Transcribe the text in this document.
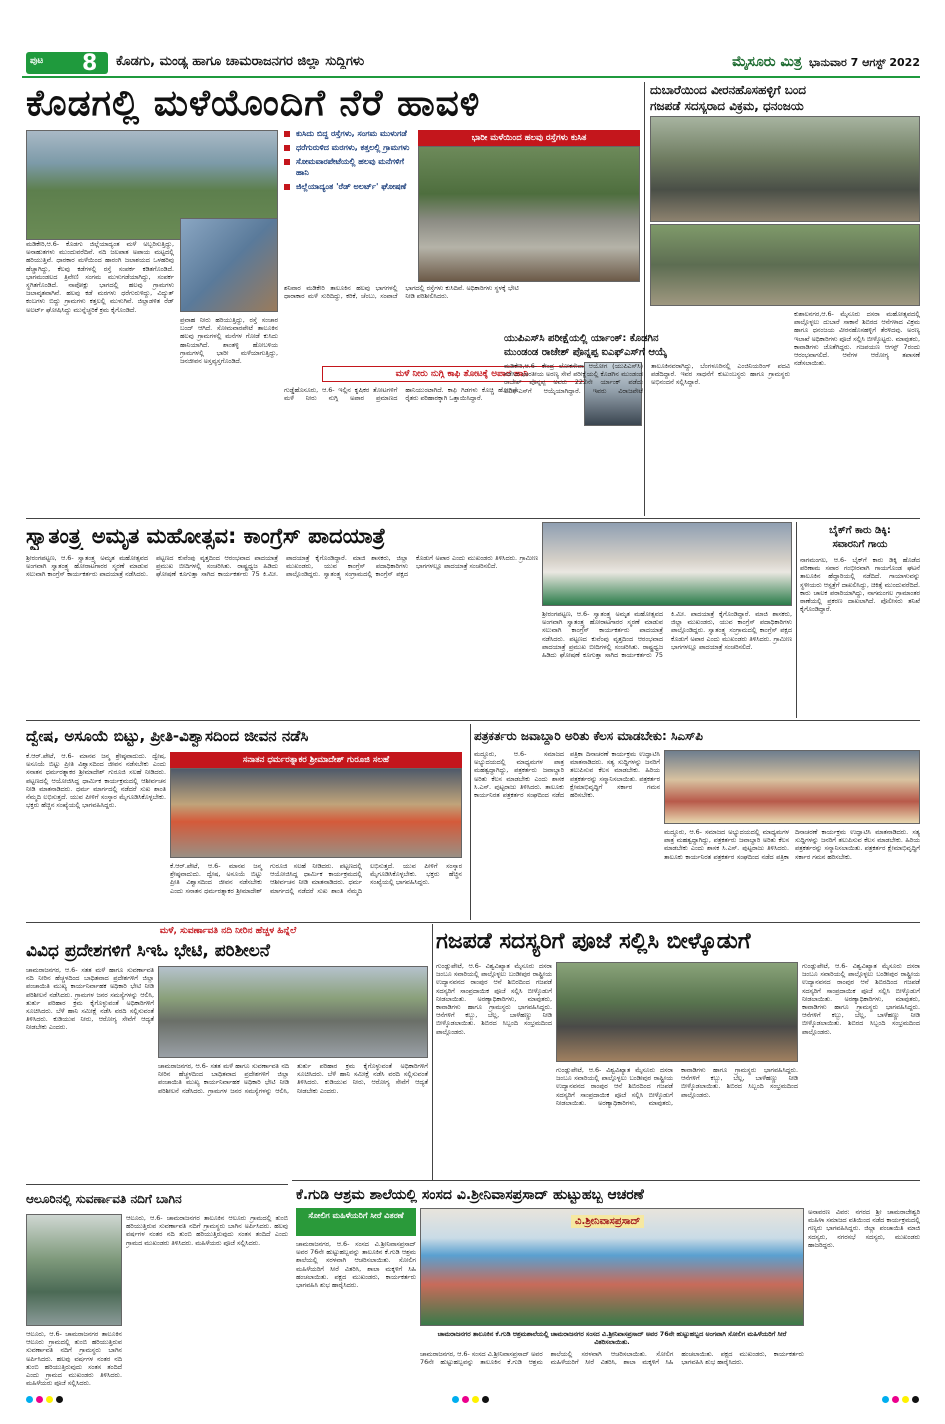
ಪುಟ 8 ಕೊಡಗು, ಮಂಡ್ಯ ಹಾಗೂ ಚಾಮರಾಜನಗರ ಜಿಲ್ಲಾ ಸುದ್ದಿಗಳು	ಮೈಸೂರು ಮಿತ್ರ ಭಾನುವಾರ 7 ಆಗಸ್ಟ್ 2022
ಕೊಡಗಲ್ಲಿ ಮಳೆಯೊಂದಿಗೆ ನೆರೆ ಹಾವಳಿ
ಕುಸಿದು ಬಿದ್ದ ರಸ್ತೆಗಳು, ಸಂಗಮ ಮುಳುಗಡೆ
ಧರೆಗುರುಳಿದ ಮರಗಳು, ಕತ್ತಲಲ್ಲಿ ಗ್ರಾಮಗಳು
ಸೋಮವಾರಪೇಟೆಯಲ್ಲಿ ಹಲವು ಮನೆಗಳಿಗೆ ಹಾನಿ
ಜಿಲ್ಲೆಯಾದ್ಯಂತ 'ರೆಡ್ ಅಲರ್ಟ್' ಘೋಷಣೆ
ಭಾರೀ ಮಳೆಯಿಂದ ಹಲವು ರಸ್ತೆಗಳು ಕುಸಿತ
ಮಡಿಕೇರಿ,ಆ.6- ಕೊಡಗು ಜಿಲ್ಲೆಯಾದ್ಯಂತ ಮಳೆ ಅಬ್ಬರಿಸುತ್ತಿದ್ದು, ಅನಾಹುತಗಳು ಮುಂದುವರೆದಿವೆ. ನದಿ ಜಲಪಾತ ಅಪಾಯ ಮಟ್ಟದಲ್ಲಿ ಹರಿಯುತ್ತಿವೆ. ಧಾರಕಾರ ಮಳೆಯಿಂದ ಹಾರಂಗಿ ಜಲಾಶಯದ ಒಳಹರಿವು ಹೆಚ್ಚಾಗಿದ್ದು, ಕೆಲವು ಕಡೆಗಳಲ್ಲಿ ರಸ್ತೆ ಸಂಪರ್ಕ ಕಡಿತಗೊಂಡಿದೆ. ಭಾಗಮಂಡಲದ ತ್ರಿವೇಣಿ ಸಂಗಮ ಮುಳುಗಡೆಯಾಗಿದ್ದು, ಸಂಪರ್ಕ ಸ್ಥಗಿತಗೊಂಡಿದೆ. ನಾಪೋಕ್ಲು ಭಾಗದಲ್ಲಿ ಹಲವು ಗ್ರಾಮಗಳು ಜಲಾವೃತವಾಗಿವೆ. ಹಲವು ಕಡೆ ಮರಗಳು ಧರೆಗುರುಳಿದ್ದು, ವಿದ್ಯುತ್ ಕಂಬಗಳು ಬಿದ್ದು ಗ್ರಾಮಗಳು ಕತ್ತಲಲ್ಲಿ ಮುಳುಗಿವೆ. ಜಿಲ್ಲಾಡಳಿತ ರೆಡ್ ಅಲರ್ಟ್ ಘೋಷಿಸಿದ್ದು ಮುನ್ನೆಚ್ಚರಿಕೆ ಕ್ರಮ ಕೈಗೊಂಡಿದೆ.
ಪ್ರವಾಹ ನೀರು ಹರಿಯುತ್ತಿದ್ದು, ರಸ್ತೆ ಸಂಚಾರ ಬಂದ್ ಆಗಿದೆ. ಸೋಮವಾರಪೇಟೆ ತಾಲೂಕಿನ ಹಲವು ಗ್ರಾಮಗಳಲ್ಲಿ ಮನೆಗಳ ಗೋಡೆ ಕುಸಿದು ಹಾನಿಯಾಗಿದೆ. ಶಾಂತಳ್ಳಿ ಹೋಬಳಿಯ ಗ್ರಾಮಗಳಲ್ಲಿ ಭಾರೀ ಮಳೆಯಾಗುತ್ತಿದ್ದು, ಜನಜೀವನ ಅಸ್ತವ್ಯಸ್ತಗೊಂಡಿದೆ.
ಶನಿವಾರ ಮಡಿಕೇರಿ ತಾಲೂಕಿನ ಹಲವು ಭಾಗಗಳಲ್ಲಿ ಧಾರಾಕಾರ ಮಳೆ ಸುರಿದಿದ್ದು, ಕರಿಕೆ, ಚೆಂಬು, ಸಂಪಾಜೆ ಭಾಗದಲ್ಲಿ ರಸ್ತೆಗಳು ಕುಸಿದಿವೆ. ಅಧಿಕಾರಿಗಳು ಸ್ಥಳಕ್ಕೆ ಭೇಟಿ ನೀಡಿ ಪರಿಶೀಲಿಸಿದರು.
ಮಳೆ ನೀರು ನುಗ್ಗಿ ಕಾಫಿ ತೋಟಕ್ಕೆ ಅಪಾರ ಹಾನಿ
ಗುಡ್ಡೆಹೊಸೂರು, ಆ.6- ಇಲ್ಲಿನ ಕೃಷಿಕರ ತೋಟಗಳಿಗೆ ಮಳೆ ನೀರು ನುಗ್ಗಿ ಅಪಾರ ಪ್ರಮಾಣದ ಹಾನಿಯುಂಟಾಗಿದೆ. ಕಾಫಿ ಗಿಡಗಳು ಕೊಚ್ಚಿ ಹೋಗಿವೆ. ರೈತರು ಪರಿಹಾರಕ್ಕಾಗಿ ಒತ್ತಾಯಿಸಿದ್ದಾರೆ.
ದುಬಾರೆಯಿಂದ ವೀರನಹೊಸಹಳ್ಳಿಗೆ ಬಂದ
ಗಜಪಡೆ ಸದಸ್ಯರಾದ ವಿಕ್ರಮ, ಧನಂಜಯ
ಕುಶಾಲನಗರ,ಆ.6- ಮೈಸೂರು ದಸರಾ ಮಹೋತ್ಸವದಲ್ಲಿ ಪಾಲ್ಗೊಳ್ಳಲು ದುಬಾರೆ ಸಾಕಾನೆ ಶಿಬಿರದ ಆನೆಗಳಾದ ವಿಕ್ರಮ ಹಾಗೂ ಧನಂಜಯ ವೀರನಹೊಸಹಳ್ಳಿಗೆ ತೆರಳಿದವು. ಅರಣ್ಯ ಇಲಾಖೆ ಅಧಿಕಾರಿಗಳು ಪೂಜೆ ಸಲ್ಲಿಸಿ ಬೀಳ್ಕೊಟ್ಟರು. ಮಾವುತರು, ಕಾವಾಡಿಗಳು ಜೊತೆಗಿದ್ದರು. ಗಜಪಯಣ ಆಗಸ್ಟ್ 7ರಂದು ಆರಂಭವಾಗಲಿದೆ. ಆನೆಗಳ ಆರೋಗ್ಯ ತಪಾಸಣೆ ನಡೆಸಲಾಯಿತು.
ಯುಪಿಎಸ್‌ಸಿ ಪರೀಕ್ಷೆಯಲ್ಲಿ ರ್ಯಾಂಕ್: ಕೊಡಗಿನ
ಮುಂಡಂಡ ರಾಜೇಶ್ ಪೊನ್ನಪ್ಪ ಐಎಫ್‌ಎಸ್‌ಗೆ ಆಯ್ಕೆ
ಮಡಿಕೇರಿ,ಆ.6- ಕೇಂದ್ರ ಲೋಕಸೇವಾ ಆಯೋಗ (ಯುಪಿಎಸ್‌ಸಿ) ನಡೆಸಿದ ಭಾರತೀಯ ಅರಣ್ಯ ಸೇವೆ ಪರೀಕ್ಷೆಯಲ್ಲಿ ಕೊಡಗಿನ ಮುಂಡಂಡ ರಾಜೇಶ್ ಪೊನ್ನಪ್ಪ ಅವರು 222ನೇ ರ್ಯಾಂಕ್ ಪಡೆದು ಐಎಫ್‌ಎಸ್‌ಗೆ ಆಯ್ಕೆಯಾಗಿದ್ದಾರೆ. ಇವರು ವಿರಾಜಪೇಟೆ ತಾಲೂಕಿನವರಾಗಿದ್ದು, ಬೆಂಗಳೂರಿನಲ್ಲಿ ಎಂಜಿನಿಯರಿಂಗ್ ಪದವಿ ಪಡೆದಿದ್ದಾರೆ. ಇವರ ಸಾಧನೆಗೆ ಕುಟುಂಬಸ್ಥರು ಹಾಗೂ ಗ್ರಾಮಸ್ಥರು ಅಭಿನಂದನೆ ಸಲ್ಲಿಸಿದ್ದಾರೆ.
ಸ್ವಾತಂತ್ರ್ಯ ಅಮೃತ ಮಹೋತ್ಸವ: ಕಾಂಗ್ರೆಸ್ ಪಾದಯಾತ್ರೆ
ಶ್ರೀರಂಗಪಟ್ಟಣ, ಆ.6- ಸ್ವಾತಂತ್ರ್ಯ ಅಮೃತ ಮಹೋತ್ಸವದ ಅಂಗವಾಗಿ ಸ್ವಾತಂತ್ರ್ಯ ಹೋರಾಟಗಾರರ ಸ್ಮರಣೆ ಮಾಡುವ ಸಲುವಾಗಿ ಕಾಂಗ್ರೆಸ್ ಕಾರ್ಯಕರ್ತರು ಪಾದಯಾತ್ರೆ ನಡೆಸಿದರು. ಪಟ್ಟಣದ ಕುವೆಂಪು ವೃತ್ತದಿಂದ ಆರಂಭವಾದ ಪಾದಯಾತ್ರೆ ಪ್ರಮುಖ ಬೀದಿಗಳಲ್ಲಿ ಸಂಚರಿಸಿತು. ರಾಷ್ಟ್ರಧ್ವಜ ಹಿಡಿದು ಘೋಷಣೆ ಕೂಗುತ್ತಾ ಸಾಗಿದ ಕಾರ್ಯಕರ್ತರು 75 ಕಿ.ಮೀ. ಪಾದಯಾತ್ರೆ ಕೈಗೊಂಡಿದ್ದಾರೆ. ಮಾಜಿ ಶಾಸಕರು, ಜಿಲ್ಲಾ ಮುಖಂಡರು, ಯುವ ಕಾಂಗ್ರೆಸ್ ಪದಾಧಿಕಾರಿಗಳು ಪಾಲ್ಗೊಂಡಿದ್ದರು. ಸ್ವಾತಂತ್ರ್ಯ ಸಂಗ್ರಾಮದಲ್ಲಿ ಕಾಂಗ್ರೆಸ್ ಪಕ್ಷದ ಕೊಡುಗೆ ಅಪಾರ ಎಂದು ಮುಖಂಡರು ತಿಳಿಸಿದರು. ಗ್ರಾಮೀಣ ಭಾಗಗಳಲ್ಲೂ ಪಾದಯಾತ್ರೆ ಸಂಚರಿಸಲಿದೆ.
ಶ್ರೀರಂಗಪಟ್ಟಣ, ಆ.6- ಸ್ವಾತಂತ್ರ್ಯ ಅಮೃತ ಮಹೋತ್ಸವದ ಅಂಗವಾಗಿ ಸ್ವಾತಂತ್ರ್ಯ ಹೋರಾಟಗಾರರ ಸ್ಮರಣೆ ಮಾಡುವ ಸಲುವಾಗಿ ಕಾಂಗ್ರೆಸ್ ಕಾರ್ಯಕರ್ತರು ಪಾದಯಾತ್ರೆ ನಡೆಸಿದರು. ಪಟ್ಟಣದ ಕುವೆಂಪು ವೃತ್ತದಿಂದ ಆರಂಭವಾದ ಪಾದಯಾತ್ರೆ ಪ್ರಮುಖ ಬೀದಿಗಳಲ್ಲಿ ಸಂಚರಿಸಿತು. ರಾಷ್ಟ್ರಧ್ವಜ ಹಿಡಿದು ಘೋಷಣೆ ಕೂಗುತ್ತಾ ಸಾಗಿದ ಕಾರ್ಯಕರ್ತರು 75 ಕಿ.ಮೀ. ಪಾದಯಾತ್ರೆ ಕೈಗೊಂಡಿದ್ದಾರೆ. ಮಾಜಿ ಶಾಸಕರು, ಜಿಲ್ಲಾ ಮುಖಂಡರು, ಯುವ ಕಾಂಗ್ರೆಸ್ ಪದಾಧಿಕಾರಿಗಳು ಪಾಲ್ಗೊಂಡಿದ್ದರು. ಸ್ವಾತಂತ್ರ್ಯ ಸಂಗ್ರಾಮದಲ್ಲಿ ಕಾಂಗ್ರೆಸ್ ಪಕ್ಷದ ಕೊಡುಗೆ ಅಪಾರ ಎಂದು ಮುಖಂಡರು ತಿಳಿಸಿದರು. ಗ್ರಾಮೀಣ ಭಾಗಗಳಲ್ಲೂ ಪಾದಯಾತ್ರೆ ಸಂಚರಿಸಲಿದೆ.
ಬೈಕ್‌ಗೆ ಕಾರು ಡಿಕ್ಕಿ:
ಸವಾರನಿಗೆ ಗಾಯ
ನಾಗಮಂಗಲ, ಆ.6- ಬೈಕ್‌ಗೆ ಕಾರು ಡಿಕ್ಕಿ ಹೊಡೆದ ಪರಿಣಾಮ ಸವಾರ ಗಂಭೀರವಾಗಿ ಗಾಯಗೊಂಡ ಘಟನೆ ತಾಲೂಕಿನ ಹೆದ್ದಾರಿಯಲ್ಲಿ ನಡೆದಿದೆ. ಗಾಯಾಳುವನ್ನು ಸ್ಥಳೀಯರು ಆಸ್ಪತ್ರೆಗೆ ದಾಖಲಿಸಿದ್ದು, ಚಿಕಿತ್ಸೆ ಮುಂದುವರೆದಿದೆ. ಕಾರು ಚಾಲಕ ಪರಾರಿಯಾಗಿದ್ದು, ನಾಗಮಂಗಲ ಗ್ರಾಮಾಂತರ ಠಾಣೆಯಲ್ಲಿ ಪ್ರಕರಣ ದಾಖಲಾಗಿದೆ. ಪೊಲೀಸರು ತನಿಖೆ ಕೈಗೊಂಡಿದ್ದಾರೆ.
ದ್ವೇಷ, ಅಸೂಯೆ ಬಿಟ್ಟು, ಪ್ರೀತಿ-ವಿಶ್ವಾಸದಿಂದ ಜೀವನ ನಡೆಸಿ
ಕೆ.ಆರ್.ಪೇಟೆ, ಆ.6- ಮಾನವ ಜನ್ಮ ಶ್ರೇಷ್ಠವಾದುದು. ದ್ವೇಷ, ಅಸೂಯೆ ಬಿಟ್ಟು ಪ್ರೀತಿ ವಿಶ್ವಾಸದಿಂದ ಜೀವನ ನಡೆಸಬೇಕು ಎಂದು ಸನಾತನ ಧರ್ಮರತ್ನಾಕರ ಶ್ರೀಮಾದೇಶ್ ಗುರೂಜಿ ಸಲಹೆ ನೀಡಿದರು. ಪಟ್ಟಣದಲ್ಲಿ ಆಯೋಜಿಸಿದ್ದ ಧಾರ್ಮಿಕ ಕಾರ್ಯಕ್ರಮದಲ್ಲಿ ಆಶೀರ್ವಚನ ನೀಡಿ ಮಾತನಾಡಿದರು. ಧರ್ಮ ಮಾರ್ಗದಲ್ಲಿ ನಡೆದರೆ ಸುಖ ಶಾಂತಿ ನೆಮ್ಮದಿ ಲಭಿಸುತ್ತದೆ. ಯುವ ಪೀಳಿಗೆ ಸಂಸ್ಕಾರ ಮೈಗೂಡಿಸಿಕೊಳ್ಳಬೇಕು. ಭಕ್ತರು ಹೆಚ್ಚಿನ ಸಂಖ್ಯೆಯಲ್ಲಿ ಭಾಗವಹಿಸಿದ್ದರು.
ಸನಾತನ ಧರ್ಮರತ್ನಾಕರ ಶ್ರೀಮಾದೇಶ್ ಗುರೂಜಿ ಸಲಹೆ
ಕೆ.ಆರ್.ಪೇಟೆ, ಆ.6- ಮಾನವ ಜನ್ಮ ಶ್ರೇಷ್ಠವಾದುದು. ದ್ವೇಷ, ಅಸೂಯೆ ಬಿಟ್ಟು ಪ್ರೀತಿ ವಿಶ್ವಾಸದಿಂದ ಜೀವನ ನಡೆಸಬೇಕು ಎಂದು ಸನಾತನ ಧರ್ಮರತ್ನಾಕರ ಶ್ರೀಮಾದೇಶ್ ಗುರೂಜಿ ಸಲಹೆ ನೀಡಿದರು. ಪಟ್ಟಣದಲ್ಲಿ ಆಯೋಜಿಸಿದ್ದ ಧಾರ್ಮಿಕ ಕಾರ್ಯಕ್ರಮದಲ್ಲಿ ಆಶೀರ್ವಚನ ನೀಡಿ ಮಾತನಾಡಿದರು. ಧರ್ಮ ಮಾರ್ಗದಲ್ಲಿ ನಡೆದರೆ ಸುಖ ಶಾಂತಿ ನೆಮ್ಮದಿ ಲಭಿಸುತ್ತದೆ. ಯುವ ಪೀಳಿಗೆ ಸಂಸ್ಕಾರ ಮೈಗೂಡಿಸಿಕೊಳ್ಳಬೇಕು. ಭಕ್ತರು ಹೆಚ್ಚಿನ ಸಂಖ್ಯೆಯಲ್ಲಿ ಭಾಗವಹಿಸಿದ್ದರು.
ಪತ್ರಕರ್ತರು ಜವಾಬ್ದಾರಿ ಅರಿತು ಕೆಲಸ ಮಾಡಬೇಕು: ಸಿಎಸ್‌ಪಿ
ಮದ್ದೂರು, ಆ.6- ಸಮಾಜದ ಅಭ್ಯುದಯದಲ್ಲಿ ಮಾಧ್ಯಮಗಳ ಪಾತ್ರ ಮಹತ್ವದ್ದಾಗಿದ್ದು, ಪತ್ರಕರ್ತರು ಜವಾಬ್ದಾರಿ ಅರಿತು ಕೆಲಸ ಮಾಡಬೇಕು ಎಂದು ಶಾಸಕ ಸಿ.ಎಸ್. ಪುಟ್ಟರಾಜು ತಿಳಿಸಿದರು. ತಾಲೂಕು ಕಾರ್ಯನಿರತ ಪತ್ರಕರ್ತರ ಸಂಘದಿಂದ ನಡೆದ ಪತ್ರಿಕಾ ದಿನಾಚರಣೆ ಕಾರ್ಯಕ್ರಮ ಉದ್ಘಾಟಿಸಿ ಮಾತನಾಡಿದರು. ಸತ್ಯ ಸುದ್ದಿಗಳನ್ನು ಜನರಿಗೆ ತಲುಪಿಸುವ ಕೆಲಸ ಮಾಡಬೇಕು. ಹಿರಿಯ ಪತ್ರಕರ್ತರನ್ನು ಸನ್ಮಾನಿಸಲಾಯಿತು. ಪತ್ರಕರ್ತರ ಕ್ಷೇಮಾಭಿವೃದ್ಧಿಗೆ ಸರ್ಕಾರ ಗಮನ ಹರಿಸಬೇಕು.
ಮದ್ದೂರು, ಆ.6- ಸಮಾಜದ ಅಭ್ಯುದಯದಲ್ಲಿ ಮಾಧ್ಯಮಗಳ ಪಾತ್ರ ಮಹತ್ವದ್ದಾಗಿದ್ದು, ಪತ್ರಕರ್ತರು ಜವಾಬ್ದಾರಿ ಅರಿತು ಕೆಲಸ ಮಾಡಬೇಕು ಎಂದು ಶಾಸಕ ಸಿ.ಎಸ್. ಪುಟ್ಟರಾಜು ತಿಳಿಸಿದರು. ತಾಲೂಕು ಕಾರ್ಯನಿರತ ಪತ್ರಕರ್ತರ ಸಂಘದಿಂದ ನಡೆದ ಪತ್ರಿಕಾ ದಿನಾಚರಣೆ ಕಾರ್ಯಕ್ರಮ ಉದ್ಘಾಟಿಸಿ ಮಾತನಾಡಿದರು. ಸತ್ಯ ಸುದ್ದಿಗಳನ್ನು ಜನರಿಗೆ ತಲುಪಿಸುವ ಕೆಲಸ ಮಾಡಬೇಕು. ಹಿರಿಯ ಪತ್ರಕರ್ತರನ್ನು ಸನ್ಮಾನಿಸಲಾಯಿತು. ಪತ್ರಕರ್ತರ ಕ್ಷೇಮಾಭಿವೃದ್ಧಿಗೆ ಸರ್ಕಾರ ಗಮನ ಹರಿಸಬೇಕು.
ಮಳೆ, ಸುವರ್ಣಾವತಿ ನದಿ ನೀರಿನ ಹೆಚ್ಚಳ ಹಿನ್ನೆಲೆ
ವಿವಿಧ ಪ್ರದೇಶಗಳಿಗೆ ಸಿಇಓ ಭೇಟಿ, ಪರಿಶೀಲನೆ
ಚಾಮರಾಜನಗರ, ಆ.6- ಸತತ ಮಳೆ ಹಾಗೂ ಸುವರ್ಣಾವತಿ ನದಿ ನೀರಿನ ಹೆಚ್ಚಳದಿಂದ ಬಾಧಿತವಾದ ಪ್ರದೇಶಗಳಿಗೆ ಜಿಲ್ಲಾ ಪಂಚಾಯಿತಿ ಮುಖ್ಯ ಕಾರ್ಯನಿರ್ವಾಹಕ ಅಧಿಕಾರಿ ಭೇಟಿ ನೀಡಿ ಪರಿಶೀಲನೆ ನಡೆಸಿದರು. ಗ್ರಾಮಗಳ ಜನರ ಸಮಸ್ಯೆಗಳನ್ನು ಆಲಿಸಿ, ತುರ್ತು ಪರಿಹಾರ ಕ್ರಮ ಕೈಗೊಳ್ಳುವಂತೆ ಅಧಿಕಾರಿಗಳಿಗೆ ಸೂಚಿಸಿದರು. ಬೆಳೆ ಹಾನಿ ಸಮೀಕ್ಷೆ ನಡೆಸಿ ವರದಿ ಸಲ್ಲಿಸುವಂತೆ ತಿಳಿಸಿದರು. ಕುಡಿಯುವ ನೀರು, ಆರೋಗ್ಯ ಸೇವೆಗೆ ಆದ್ಯತೆ ನೀಡಬೇಕು ಎಂದರು.
ಚಾಮರಾಜನಗರ, ಆ.6- ಸತತ ಮಳೆ ಹಾಗೂ ಸುವರ್ಣಾವತಿ ನದಿ ನೀರಿನ ಹೆಚ್ಚಳದಿಂದ ಬಾಧಿತವಾದ ಪ್ರದೇಶಗಳಿಗೆ ಜಿಲ್ಲಾ ಪಂಚಾಯಿತಿ ಮುಖ್ಯ ಕಾರ್ಯನಿರ್ವಾಹಕ ಅಧಿಕಾರಿ ಭೇಟಿ ನೀಡಿ ಪರಿಶೀಲನೆ ನಡೆಸಿದರು. ಗ್ರಾಮಗಳ ಜನರ ಸಮಸ್ಯೆಗಳನ್ನು ಆಲಿಸಿ, ತುರ್ತು ಪರಿಹಾರ ಕ್ರಮ ಕೈಗೊಳ್ಳುವಂತೆ ಅಧಿಕಾರಿಗಳಿಗೆ ಸೂಚಿಸಿದರು. ಬೆಳೆ ಹಾನಿ ಸಮೀಕ್ಷೆ ನಡೆಸಿ ವರದಿ ಸಲ್ಲಿಸುವಂತೆ ತಿಳಿಸಿದರು. ಕುಡಿಯುವ ನೀರು, ಆರೋಗ್ಯ ಸೇವೆಗೆ ಆದ್ಯತೆ ನೀಡಬೇಕು ಎಂದರು.
ಗಜಪಡೆ ಸದಸ್ಯರಿಗೆ ಪೂಜೆ ಸಲ್ಲಿಸಿ ಬೀಳ್ಕೊಡುಗೆ
ಗುಂಡ್ಲುಪೇಟೆ, ಆ.6- ವಿಶ್ವವಿಖ್ಯಾತ ಮೈಸೂರು ದಸರಾ ಜಂಬೂ ಸವಾರಿಯಲ್ಲಿ ಪಾಲ್ಗೊಳ್ಳಲು ಬಂಡೀಪುರ ರಾಷ್ಟ್ರೀಯ ಉದ್ಯಾನವನದ ರಾಂಪುರ ಆನೆ ಶಿಬಿರದಿಂದ ಗಜಪಡೆ ಸದಸ್ಯರಿಗೆ ಸಾಂಪ್ರದಾಯಿಕ ಪೂಜೆ ಸಲ್ಲಿಸಿ ಬೀಳ್ಕೊಡುಗೆ ನೀಡಲಾಯಿತು. ಅರಣ್ಯಾಧಿಕಾರಿಗಳು, ಮಾವುತರು, ಕಾವಾಡಿಗಳು ಹಾಗೂ ಗ್ರಾಮಸ್ಥರು ಭಾಗವಹಿಸಿದ್ದರು. ಆನೆಗಳಿಗೆ ಕಬ್ಬು, ಬೆಲ್ಲ, ಬಾಳೆಹಣ್ಣು ನೀಡಿ ಬೀಳ್ಕೊಡಲಾಯಿತು. ಶಿಬಿರದ ಸಿಬ್ಬಂದಿ ಸಂಭ್ರಮದಿಂದ ಪಾಲ್ಗೊಂಡರು.
ಗುಂಡ್ಲುಪೇಟೆ, ಆ.6- ವಿಶ್ವವಿಖ್ಯಾತ ಮೈಸೂರು ದಸರಾ ಜಂಬೂ ಸವಾರಿಯಲ್ಲಿ ಪಾಲ್ಗೊಳ್ಳಲು ಬಂಡೀಪುರ ರಾಷ್ಟ್ರೀಯ ಉದ್ಯಾನವನದ ರಾಂಪುರ ಆನೆ ಶಿಬಿರದಿಂದ ಗಜಪಡೆ ಸದಸ್ಯರಿಗೆ ಸಾಂಪ್ರದಾಯಿಕ ಪೂಜೆ ಸಲ್ಲಿಸಿ ಬೀಳ್ಕೊಡುಗೆ ನೀಡಲಾಯಿತು. ಅರಣ್ಯಾಧಿಕಾರಿಗಳು, ಮಾವುತರು, ಕಾವಾಡಿಗಳು ಹಾಗೂ ಗ್ರಾಮಸ್ಥರು ಭಾಗವಹಿಸಿದ್ದರು. ಆನೆಗಳಿಗೆ ಕಬ್ಬು, ಬೆಲ್ಲ, ಬಾಳೆಹಣ್ಣು ನೀಡಿ ಬೀಳ್ಕೊಡಲಾಯಿತು. ಶಿಬಿರದ ಸಿಬ್ಬಂದಿ ಸಂಭ್ರಮದಿಂದ ಪಾಲ್ಗೊಂಡರು.
ಗುಂಡ್ಲುಪೇಟೆ, ಆ.6- ವಿಶ್ವವಿಖ್ಯಾತ ಮೈಸೂರು ದಸರಾ ಜಂಬೂ ಸವಾರಿಯಲ್ಲಿ ಪಾಲ್ಗೊಳ್ಳಲು ಬಂಡೀಪುರ ರಾಷ್ಟ್ರೀಯ ಉದ್ಯಾನವನದ ರಾಂಪುರ ಆನೆ ಶಿಬಿರದಿಂದ ಗಜಪಡೆ ಸದಸ್ಯರಿಗೆ ಸಾಂಪ್ರದಾಯಿಕ ಪೂಜೆ ಸಲ್ಲಿಸಿ ಬೀಳ್ಕೊಡುಗೆ ನೀಡಲಾಯಿತು. ಅರಣ್ಯಾಧಿಕಾರಿಗಳು, ಮಾವುತರು, ಕಾವಾಡಿಗಳು ಹಾಗೂ ಗ್ರಾಮಸ್ಥರು ಭಾಗವಹಿಸಿದ್ದರು. ಆನೆಗಳಿಗೆ ಕಬ್ಬು, ಬೆಲ್ಲ, ಬಾಳೆಹಣ್ಣು ನೀಡಿ ಬೀಳ್ಕೊಡಲಾಯಿತು. ಶಿಬಿರದ ಸಿಬ್ಬಂದಿ ಸಂಭ್ರಮದಿಂದ ಪಾಲ್ಗೊಂಡರು.
ಕೆ.ಗುಡಿ ಆಶ್ರಮ ಶಾಲೆಯಲ್ಲಿ ಸಂಸದ ವಿ.ಶ್ರೀನಿವಾಸಪ್ರಸಾದ್ ಹುಟ್ಟುಹಬ್ಬ ಆಚರಣೆ
ಸೋಲಿಗ ಮಹಿಳೆಯರಿಗೆ ಸೀರೆ ವಿತರಣೆ
ಚಾಮರಾಜನಗರ, ಆ.6- ಸಂಸದ ವಿ.ಶ್ರೀನಿವಾಸಪ್ರಸಾದ್ ಅವರ 76ನೇ ಹುಟ್ಟುಹಬ್ಬವನ್ನು ತಾಲೂಕಿನ ಕೆ.ಗುಡಿ ಆಶ್ರಮ ಶಾಲೆಯಲ್ಲಿ ಸರಳವಾಗಿ ಆಚರಿಸಲಾಯಿತು. ಸೋಲಿಗ ಮಹಿಳೆಯರಿಗೆ ಸೀರೆ ವಿತರಿಸಿ, ಶಾಲಾ ಮಕ್ಕಳಿಗೆ ಸಿಹಿ ಹಂಚಲಾಯಿತು. ಪಕ್ಷದ ಮುಖಂಡರು, ಕಾರ್ಯಕರ್ತರು ಭಾಗವಹಿಸಿ ಶುಭ ಹಾರೈಸಿದರು.
ವಿ.ಶ್ರೀನಿವಾಸಪ್ರಸಾದ್
ಚಾಮರಾಜನಗರ ತಾಲೂಕಿನ ಕೆ.ಗುಡಿ ಆಶ್ರಮಶಾಲೆಯಲ್ಲಿ ಚಾಮರಾಜನಗರ ಸಂಸದ ವಿ.ಶ್ರೀನಿವಾಸಪ್ರಸಾದ್ ಅವರ 76ನೇ ಹುಟ್ಟುಹಬ್ಬದ ಅಂಗವಾಗಿ ಸೋಲಿಗ ಮಹಿಳೆಯರಿಗೆ ಸೀರೆ ವಿತರಿಸಲಾಯಿತು.
ಚಾಮರಾಜನಗರ, ಆ.6- ಸಂಸದ ವಿ.ಶ್ರೀನಿವಾಸಪ್ರಸಾದ್ ಅವರ 76ನೇ ಹುಟ್ಟುಹಬ್ಬವನ್ನು ತಾಲೂಕಿನ ಕೆ.ಗುಡಿ ಆಶ್ರಮ ಶಾಲೆಯಲ್ಲಿ ಸರಳವಾಗಿ ಆಚರಿಸಲಾಯಿತು. ಸೋಲಿಗ ಮಹಿಳೆಯರಿಗೆ ಸೀರೆ ವಿತರಿಸಿ, ಶಾಲಾ ಮಕ್ಕಳಿಗೆ ಸಿಹಿ ಹಂಚಲಾಯಿತು. ಪಕ್ಷದ ಮುಖಂಡರು, ಕಾರ್ಯಕರ್ತರು ಭಾಗವಹಿಸಿ ಶುಭ ಹಾರೈಸಿದರು.
ಅನಾವರಣ ವಿವರ: ನಗರದ ಶ್ರೀ ಚಾಮರಾಜೇಶ್ವರಿ ಮಹಿಳಾ ಸಮಾಜದ ವತಿಯಿಂದ ನಡೆದ ಕಾರ್ಯಕ್ರಮದಲ್ಲಿ ಗಣ್ಯರು ಭಾಗವಹಿಸಿದ್ದರು. ಜಿಲ್ಲಾ ಪಂಚಾಯಿತಿ ಮಾಜಿ ಸದಸ್ಯರು, ನಗರಸಭೆ ಸದಸ್ಯರು, ಮುಖಂಡರು ಹಾಜರಿದ್ದರು.
ಆಲೂರಿನಲ್ಲಿ ಸುವರ್ಣಾವತಿ ನದಿಗೆ ಬಾಗಿನ
ಆಲೂರು, ಆ.6- ಚಾಮರಾಜನಗರ ತಾಲೂಕಿನ ಆಲೂರು ಗ್ರಾಮದಲ್ಲಿ ತುಂಬಿ ಹರಿಯುತ್ತಿರುವ ಸುವರ್ಣಾವತಿ ನದಿಗೆ ಗ್ರಾಮಸ್ಥರು ಬಾಗಿನ ಅರ್ಪಿಸಿದರು. ಹಲವು ವರ್ಷಗಳ ನಂತರ ನದಿ ತುಂಬಿ ಹರಿಯುತ್ತಿರುವುದು ಸಂತಸ ತಂದಿದೆ ಎಂದು ಗ್ರಾಮದ ಮುಖಂಡರು ತಿಳಿಸಿದರು. ಮಹಿಳೆಯರು ಪೂಜೆ ಸಲ್ಲಿಸಿದರು.
ಆಲೂರು, ಆ.6- ಚಾಮರಾಜನಗರ ತಾಲೂಕಿನ ಆಲೂರು ಗ್ರಾಮದಲ್ಲಿ ತುಂಬಿ ಹರಿಯುತ್ತಿರುವ ಸುವರ್ಣಾವತಿ ನದಿಗೆ ಗ್ರಾಮಸ್ಥರು ಬಾಗಿನ ಅರ್ಪಿಸಿದರು. ಹಲವು ವರ್ಷಗಳ ನಂತರ ನದಿ ತುಂಬಿ ಹರಿಯುತ್ತಿರುವುದು ಸಂತಸ ತಂದಿದೆ ಎಂದು ಗ್ರಾಮದ ಮುಖಂಡರು ತಿಳಿಸಿದರು. ಮಹಿಳೆಯರು ಪೂಜೆ ಸಲ್ಲಿಸಿದರು.
